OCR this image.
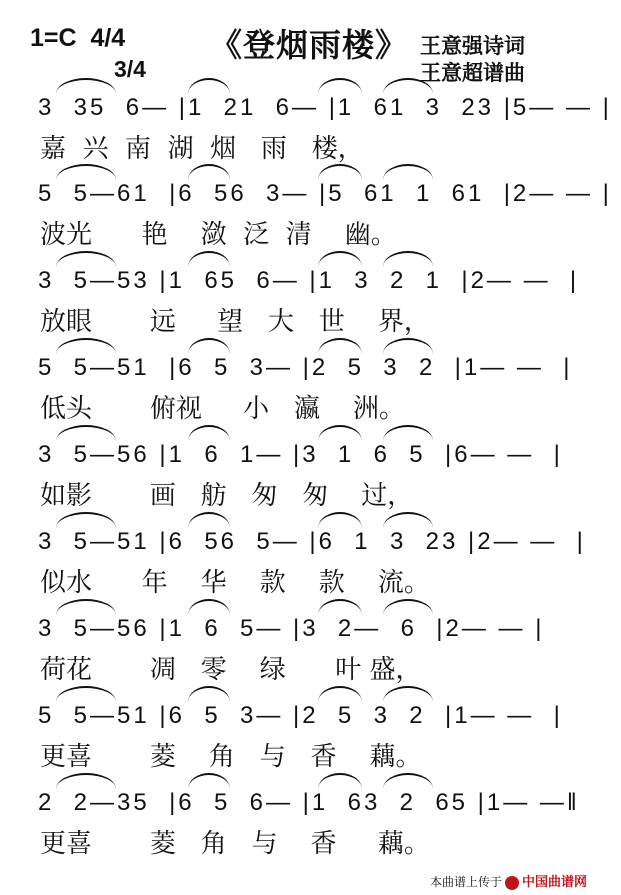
1=C  4/4
3/4
《登烟雨楼》 王意强诗词
王意超谱曲
3  35  6— |1  21  6— |1  61  3  23 |5— — |
嘉  兴  南  湖  烟   雨   楼，
5  5—61  |6  56  3— |5  61  1  61  |2— — |
波光      艳    潋  泛  清    幽。
3  5—53 |1  65  6— |1  3  2  1  |2— —  |
放眼       远     望   大   世    界，
5  5—51  |6  5  3— |2  5  3  2  |1— —  |
低头       俯视     小   瀛    洲。
3  5—56 |1  6  1— |3  1  6  5  |6— —  |
如影       画   舫   匆   匆    过，
3  5—51 |6  56  5— |6  1  3  23 |2— —  |
似水      年    华    款    款    流。
3  5—56 |1  6  5— |3  2—  6  |2— — |
荷花       凋   零    绿      叶 盛，
5  5—51 |6  5  3— |2  5  3  2  |1— —  |
更喜       菱    角   与   香    藕。
2  2—35  |6  5  6— |1  63  2  65 |1— —‖
更喜       菱   角   与    香     藕。
本曲谱上传于 中国曲谱网
